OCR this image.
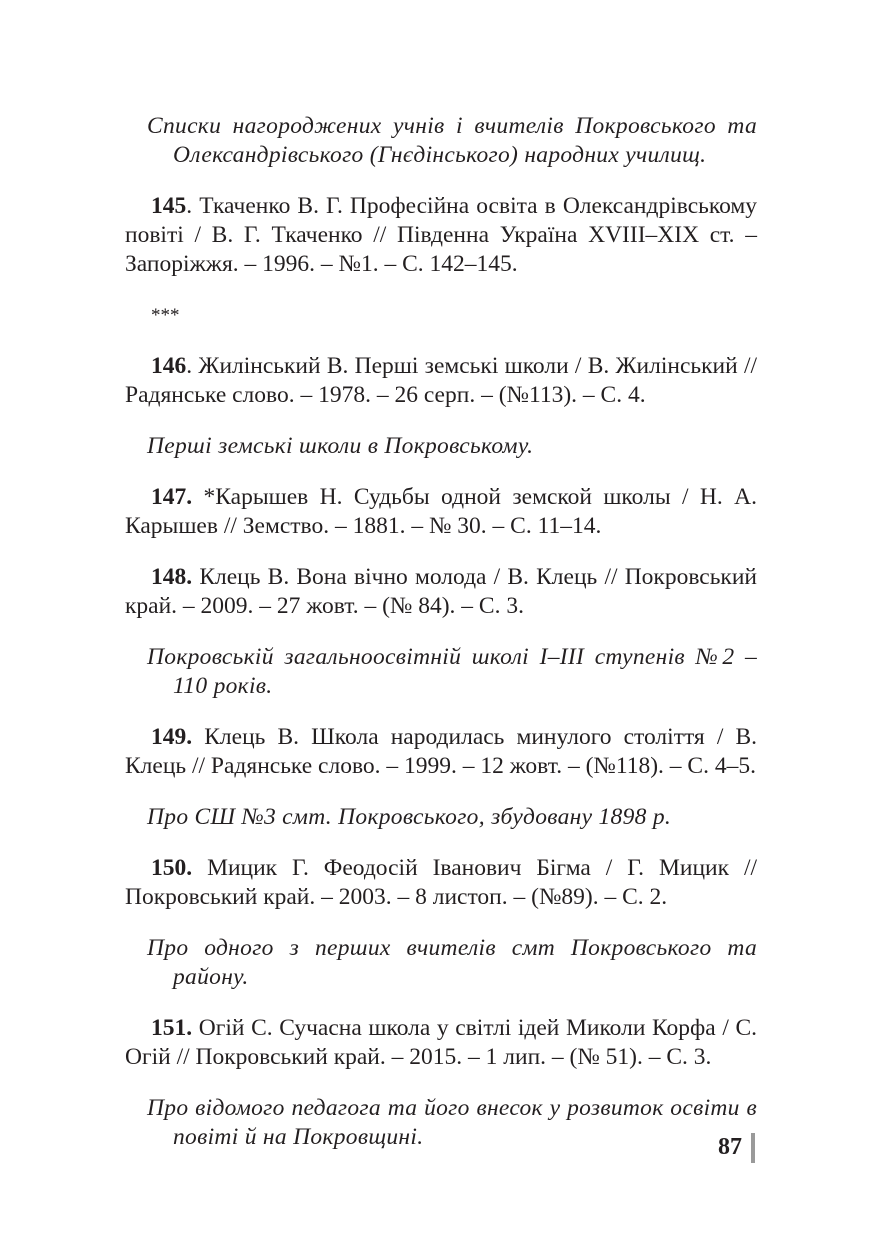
Списки нагороджених учнів і вчителів Покровського та Олександрівського (Гнєдінського) народних училищ.

145. Ткаченко В. Г. Професійна освіта в Олександрівському повіті / В. Г. Ткаченко // Південна Україна XVIII–XIX ст. – Запоріжжя. – 1996. – №1. – С. 142–145.

***

146. Жилінський В. Перші земські школи / В. Жилінський // Радянське слово. – 1978. – 26 серп. – (№113). – С. 4.

Перші земські школи в Покровському.

147. *Карышев Н. Судьбы одной земской школы / Н. А. Карышев // Земство. – 1881. – № 30. – С. 11–14.

148. Клець В. Вона вічно молода / В. Клець // Покровський край. – 2009. – 27 жовт. – (№ 84). – С. 3.

Покровській загальноосвітній школі I–III ступенів №2 – 110 років.

149. Клець В. Школа народилась минулого століття / В. Клець // Радянське слово. – 1999. – 12 жовт. – (№118). – С. 4–5.

Про СШ №3 смт. Покровського, збудовану 1898 р.

150. Мицик Г. Феодосій Іванович Бігма / Г. Мицик // Покровський край. – 2003. – 8 листоп. – (№89). – С. 2.

Про одного з перших вчителів смт Покровського та району.

151. Огій С. Сучасна школа у світлі ідей Миколи Корфа / С. Огій // Покровський край. – 2015. – 1 лип. – (№ 51). – С. 3.

Про відомого педагога та його внесок у розвиток освіти в повіті й на Покровщині.	87
